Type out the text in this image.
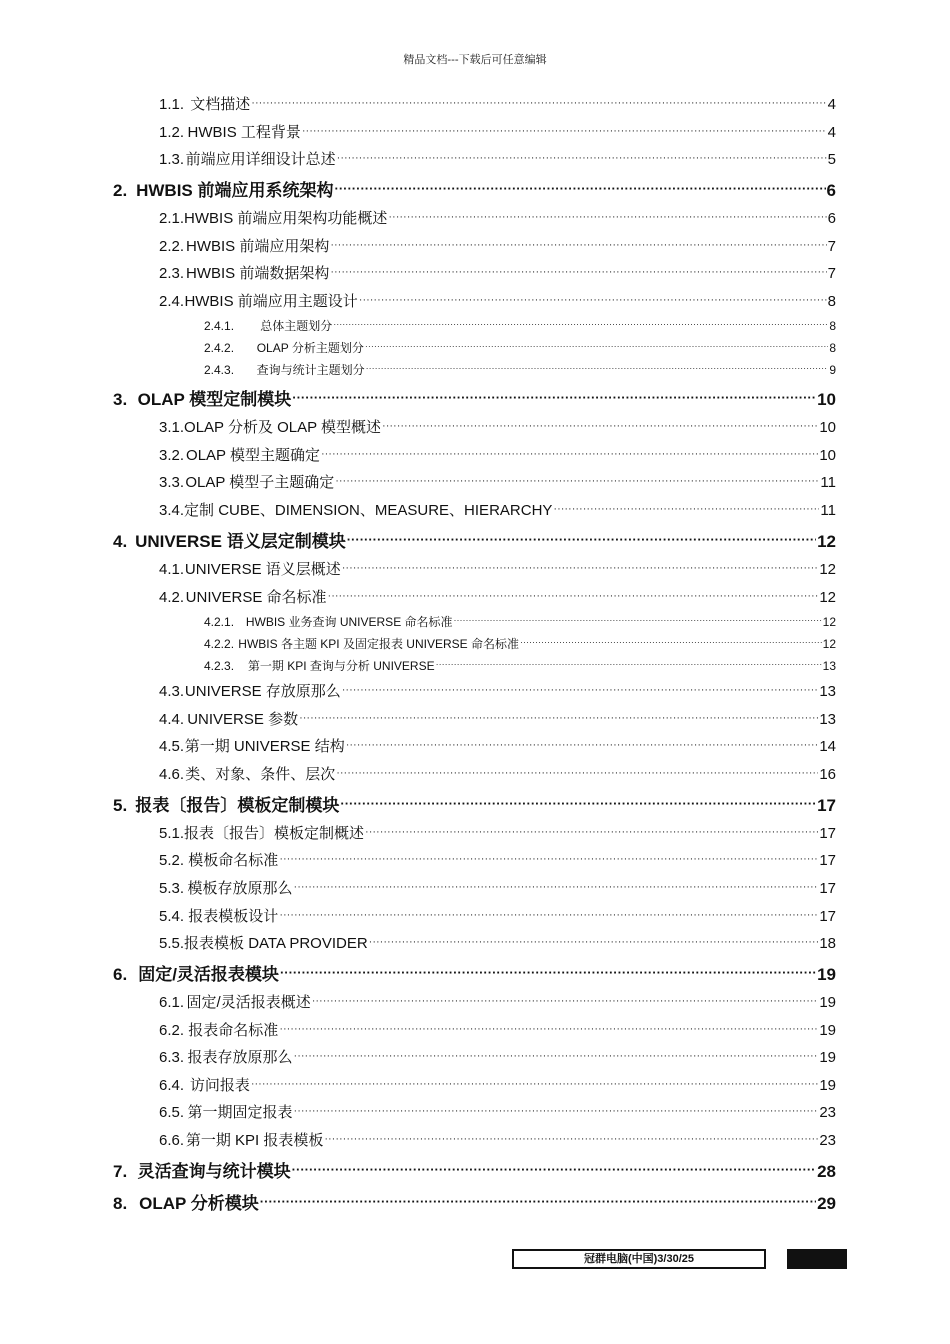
精品文档---下载后可任意编辑
1.1. 文档描述 ·····	4
1.2. HWBIS 工程背景 ·····	4
1.3. 前端应用详细设计总述 ·····	5
2. HWBIS 前端应用系统架构 ·····	6
2.1. HWBIS 前端应用架构功能概述 ·····	6
2.2. HWBIS 前端应用架构 ·····	7
2.3. HWBIS 前端数据架构 ·····	7
2.4. HWBIS 前端应用主题设计 ·····	8
2.4.1.	总体主题划分 ·····	8
2.4.2.	OLAP 分析主题划分 ·····	8
2.4.3.	查询与统计主题划分 ·····	9
3. OLAP 模型定制模块 ·····	10
3.1. OLAP 分析及 OLAP 模型概述 ·····	10
3.2. OLAP 模型主题确定 ·····	10
3.3. OLAP 模型子主题确定 ·····	11
3.4. 定制 CUBE、DIMENSION、MEASURE、HIERARCHY ·····	11
4. UNIVERSE 语义层定制模块 ·····	12
4.1. UNIVERSE 语义层概述 ·····	12
4.2. UNIVERSE 命名标准 ·····	12
4.2.1. HWBIS 业务查询 UNIVERSE 命名标准 ·····	12
4.2.2. HWBIS 各主题 KPI 及固定报表 UNIVERSE 命名标准 ·····	12
4.2.3.	第一期 KPI 查询与分析 UNIVERSE ·····	13
4.3. UNIVERSE 存放原那么 ·····	13
4.4. UNIVERSE 参数 ·····	13
4.5. 第一期 UNIVERSE 结构 ·····	14
4.6. 类、对象、条件、层次 ·····	16
5. 报表〔报告〕模板定制模块 ·····	17
5.1. 报表〔报告〕模板定制概述 ·····	17
5.2. 模板命名标准 ·····	17
5.3. 模板存放原那么 ·····	17
5.4. 报表模板设计 ·····	17
5.5. 报表模板 DATA PROVIDER ·····	18
6. 固定/灵活报表模块 ·····	19
6.1. 固定/灵活报表概述 ·····	19
6.2. 报表命名标准 ·····	19
6.3. 报表存放原那么 ·····	19
6.4. 访问报表 ·····	19
6.5. 第一期固定报表 ·····	23
6.6. 第一期 KPI 报表模板 ·····	23
7. 灵活查询与统计模块 ·····	28
8. OLAP 分析模块 ·····	29
冠群电脑(中国)3/30/25
